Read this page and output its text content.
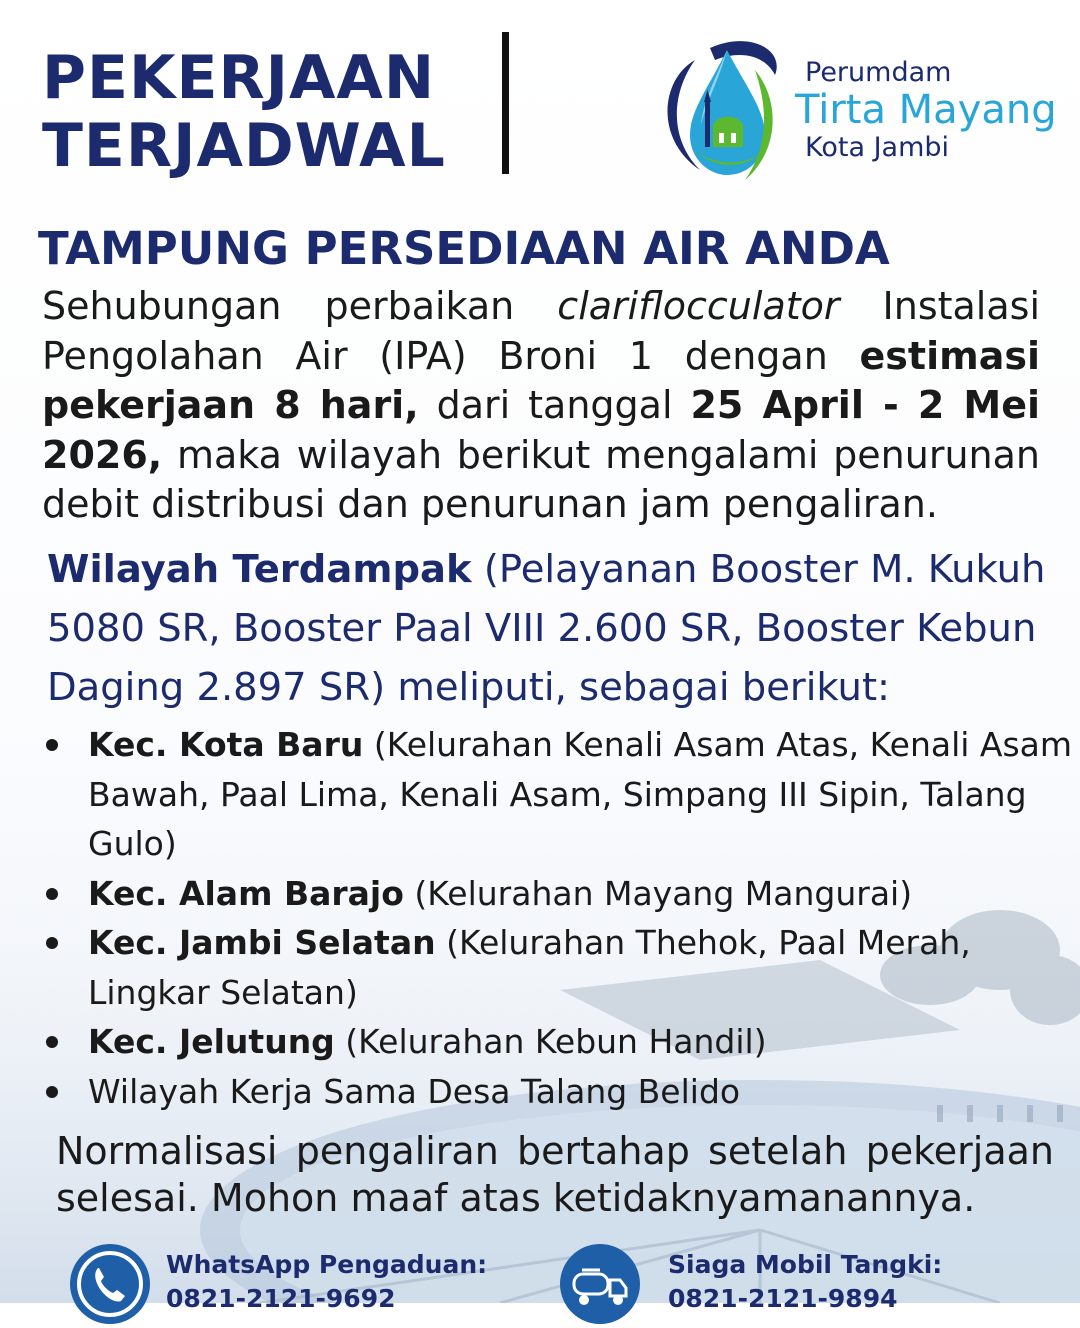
PEKERJAAN
TERJADWAL
Perumdam
Tirta Mayang
Kota Jambi
TAMPUNG PERSEDIAAN AIR ANDA

Sehubungan perbaikan clariflocculator Instalasi Pengolahan Air (IPA) Broni 1 dengan estimasi pekerjaan 8 hari, dari tanggal 25 April - 2 Mei 2026, maka wilayah berikut mengalami penurunan debit distribusi dan penurunan jam pengaliran.

Wilayah Terdampak (Pelayanan Booster M. Kukuh 5080 SR, Booster Paal VIII 2.600 SR, Booster Kebun Daging 2.897 SR) meliputi, sebagai berikut:

Kec. Kota Baru (Kelurahan Kenali Asam Atas, Kenali Asam Bawah, Paal Lima, Kenali Asam, Simpang III Sipin, Talang Gulo)
Kec. Alam Barajo (Kelurahan Mayang Mangurai)
Kec. Jambi Selatan (Kelurahan Thehok, Paal Merah, Lingkar Selatan)
Kec. Jelutung (Kelurahan Kebun Handil)
Wilayah Kerja Sama Desa Talang Belido

Normalisasi pengaliran bertahap setelah pekerjaan selesai. Mohon maaf atas ketidaknyamanannya.

WhatsApp Pengaduan:
0821-2121-9692
Siaga Mobil Tangki:
0821-2121-9894
